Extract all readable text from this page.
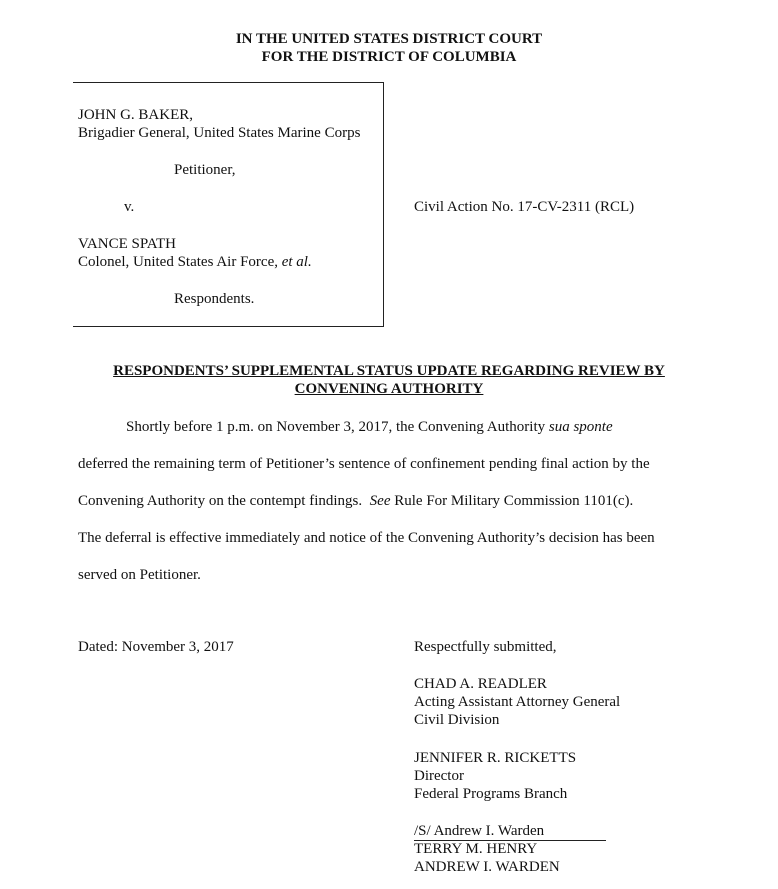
IN THE UNITED STATES DISTRICT COURT
FOR THE DISTRICT OF COLUMBIA
JOHN G. BAKER,
Brigadier General, United States Marine Corps
Petitioner,
v.
VANCE SPATH
Colonel, United States Air Force, et al.
Respondents.
Civil Action No. 17-CV-2311 (RCL)
RESPONDENTS’ SUPPLEMENTAL STATUS UPDATE REGARDING REVIEW BY
CONVENING AUTHORITY
Shortly before 1 p.m. on November 3, 2017, the Convening Authority sua sponte
deferred the remaining term of Petitioner’s sentence of confinement pending final action by the
Convening Authority on the contempt findings. See Rule For Military Commission 1101(c).
The deferral is effective immediately and notice of the Convening Authority’s decision has been
served on Petitioner.
Dated: November 3, 2017	Respectfully submitted,
CHAD A. READLER
Acting Assistant Attorney General
Civil Division
JENNIFER R. RICKETTS
Director
Federal Programs Branch
/S/ Andrew I. Warden
TERRY M. HENRY
ANDREW I. WARDEN
